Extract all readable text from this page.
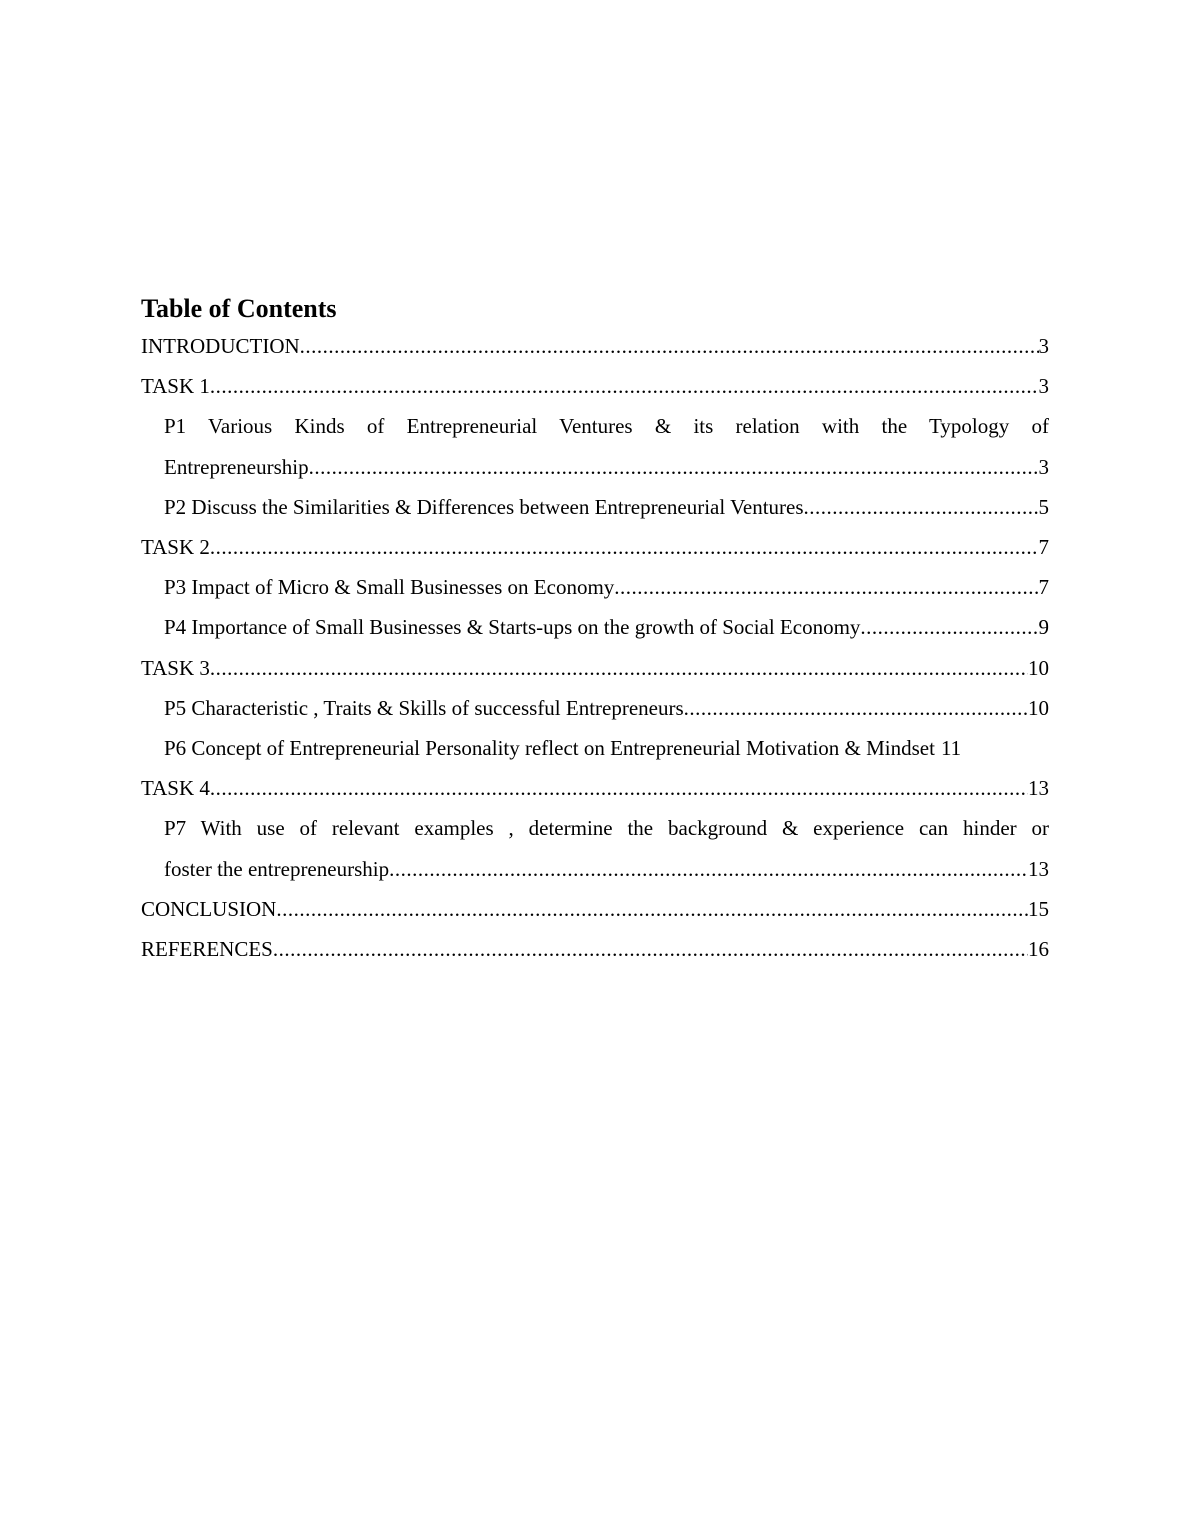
Table of Contents
INTRODUCTION .....	3
TASK 1 .....	3
P1 Various Kinds of Entrepreneurial Ventures & its relation with the Typology of
Entrepreneurship .....	3
P2 Discuss the Similarities & Differences between Entrepreneurial Ventures .....	5
TASK 2 .....	7
P3 Impact of Micro & Small Businesses on Economy .....	7
P4 Importance of Small Businesses & Starts-ups on the growth of Social Economy .....	9
TASK 3 .....	10
P5 Characteristic , Traits & Skills of successful Entrepreneurs .....	10
P6 Concept of Entrepreneurial Personality reflect on Entrepreneurial Motivation & Mindset 11
TASK 4 .....	13
P7 With use of relevant examples , determine the background & experience can hinder or
foster the entrepreneurship .....	13
CONCLUSION .....	15
REFERENCES .....	16
